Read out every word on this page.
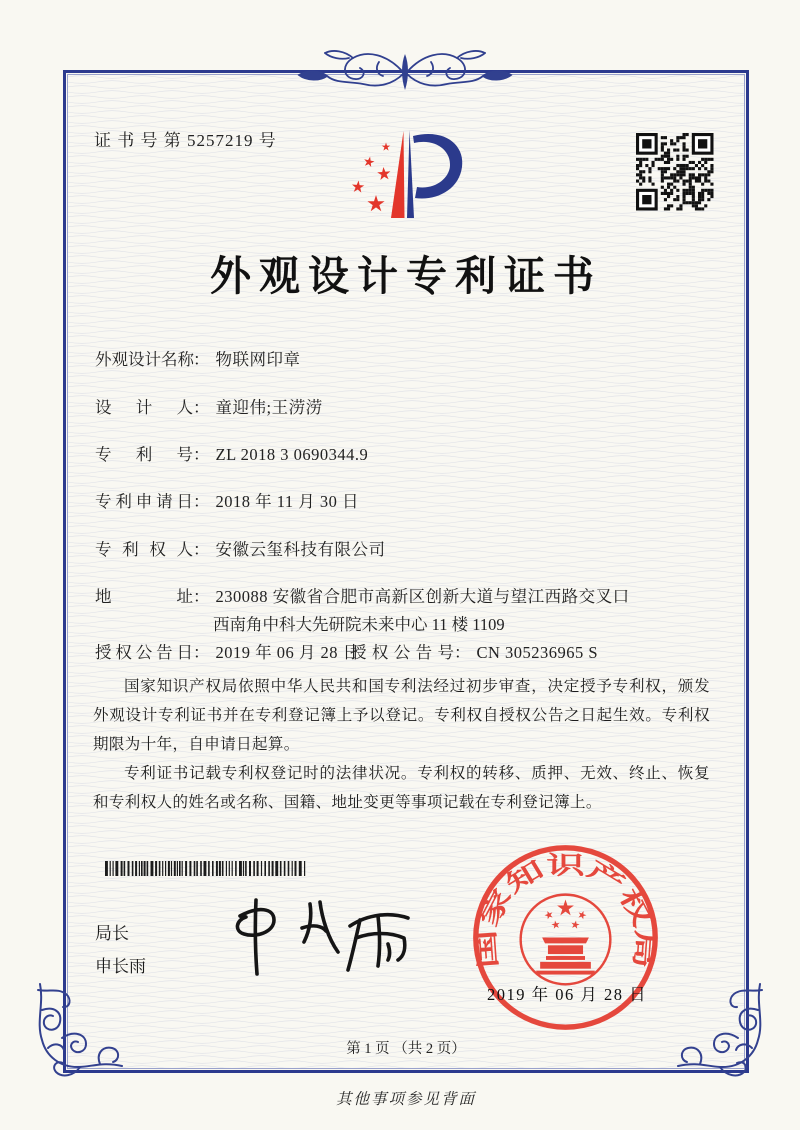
证 书 号 第 5257219 号
外观设计专利证书
外观设计名称： 物联网印章
设计人： 童迎伟;王涝涝
专利号： ZL 2018 3 0690344.9
专利申请日： 2018 年 11 月 30 日
专利权人： 安徽云玺科技有限公司
地址： 230088 安徽省合肥市高新区创新大道与望江西路交叉口
西南角中科大先研院未来中心 11 楼 1109
授权公告日： 2019 年 06 月 28 日
授权公告号： CN 305236965 S

国家知识产权局依照中华人民共和国专利法经过初步审查，决定授予专利权，颁发外观设计专利证书并在专利登记簿上予以登记。专利权自授权公告之日起生效。专利权期限为十年，自申请日起算。

专利证书记载专利权登记时的法律状况。专利权的转移、质押、无效、终止、恢复和专利权人的姓名或名称、国籍、地址变更等事项记载在专利登记簿上。

局长
申长雨	国家知识产权局
2019 年 06 月 28 日
第 1 页 （共 2 页）
其他事项参见背面
